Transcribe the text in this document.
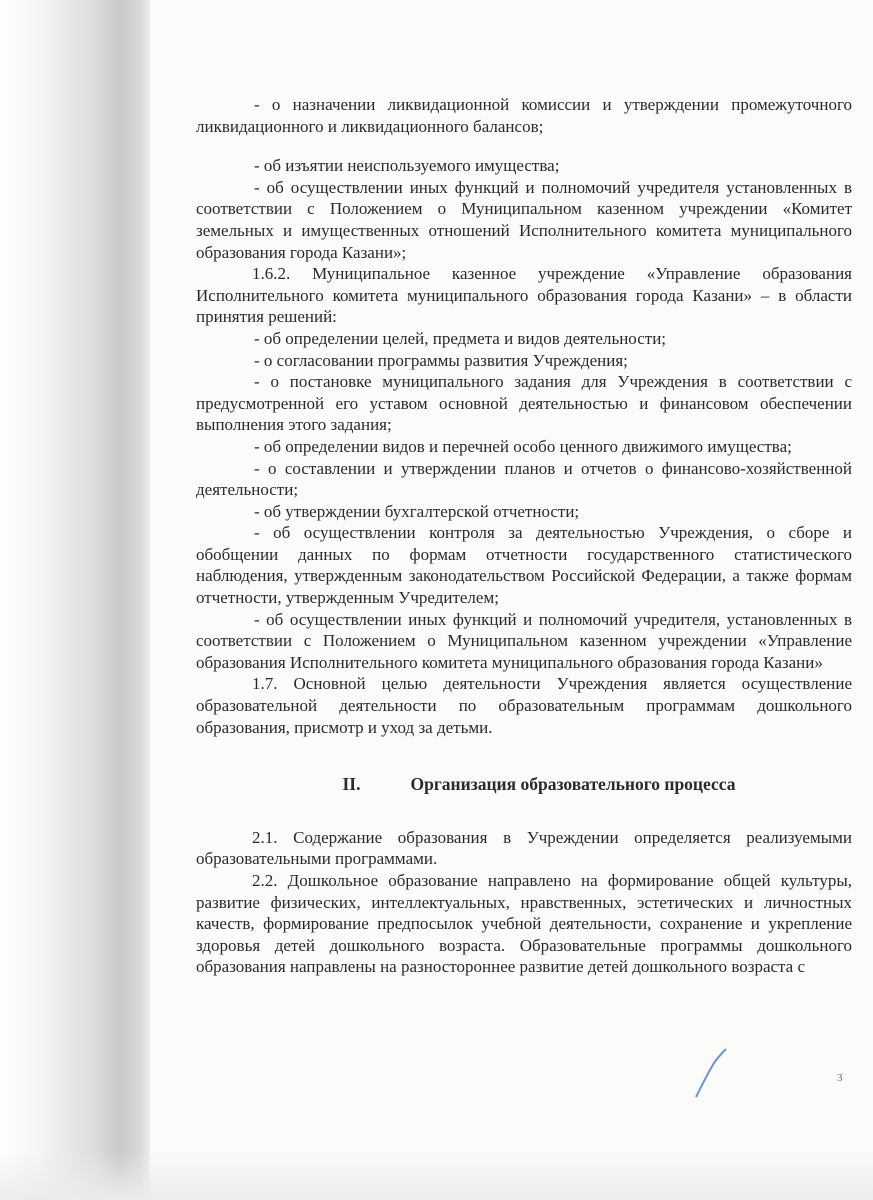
- о назначении ликвидационной комиссии и утверждении промежуточного ликвидационного и ликвидационного балансов;

- об изъятии неиспользуемого имущества;

- об осуществлении иных функций и полномочий учредителя установленных в соответствии с Положением о Муниципальном казенном учреждении «Комитет земельных и имущественных отношений Исполнительного комитета муниципального образования города Казани»;

1.6.2. Муниципальное казенное учреждение «Управление образования Исполнительного комитета муниципального образования города Казани» – в области принятия решений:

- об определении целей, предмета и видов деятельности;

- о согласовании программы развития Учреждения;

- о постановке муниципального задания для Учреждения в соответствии с предусмотренной его уставом основной деятельностью и финансовом обеспечении выполнения этого задания;

- об определении видов и перечней особо ценного движимого имущества;

- о составлении и утверждении планов и отчетов о финансово-хозяйственной деятельности;

- об утверждении бухгалтерской отчетности;

- об осуществлении контроля за деятельностью Учреждения, о сборе и обобщении данных по формам отчетности государственного статистического наблюдения, утвержденным законодательством Российской Федерации, а также формам отчетности, утвержденным Учредителем;

- об осуществлении иных функций и полномочий учредителя, установленных в соответствии с Положением о Муниципальном казенном учреждении «Управление образования Исполнительного комитета муниципального образования города Казани»

1.7. Основной целью деятельности Учреждения является осуществление образовательной деятельности по образовательным программам дошкольного образования, присмотр и уход за детьми.

II.	Организация образовательного процесса

2.1. Содержание образования в Учреждении определяется реализуемыми образовательными программами.

2.2. Дошкольное образование направлено на формирование общей культуры, развитие физических, интеллектуальных, нравственных, эстетических и личностных качеств, формирование предпосылок учебной деятельности, сохранение и укрепление здоровья детей дошкольного возраста. Образовательные программы дошкольного образования направлены на разностороннее развитие детей дошкольного возраста с

3
